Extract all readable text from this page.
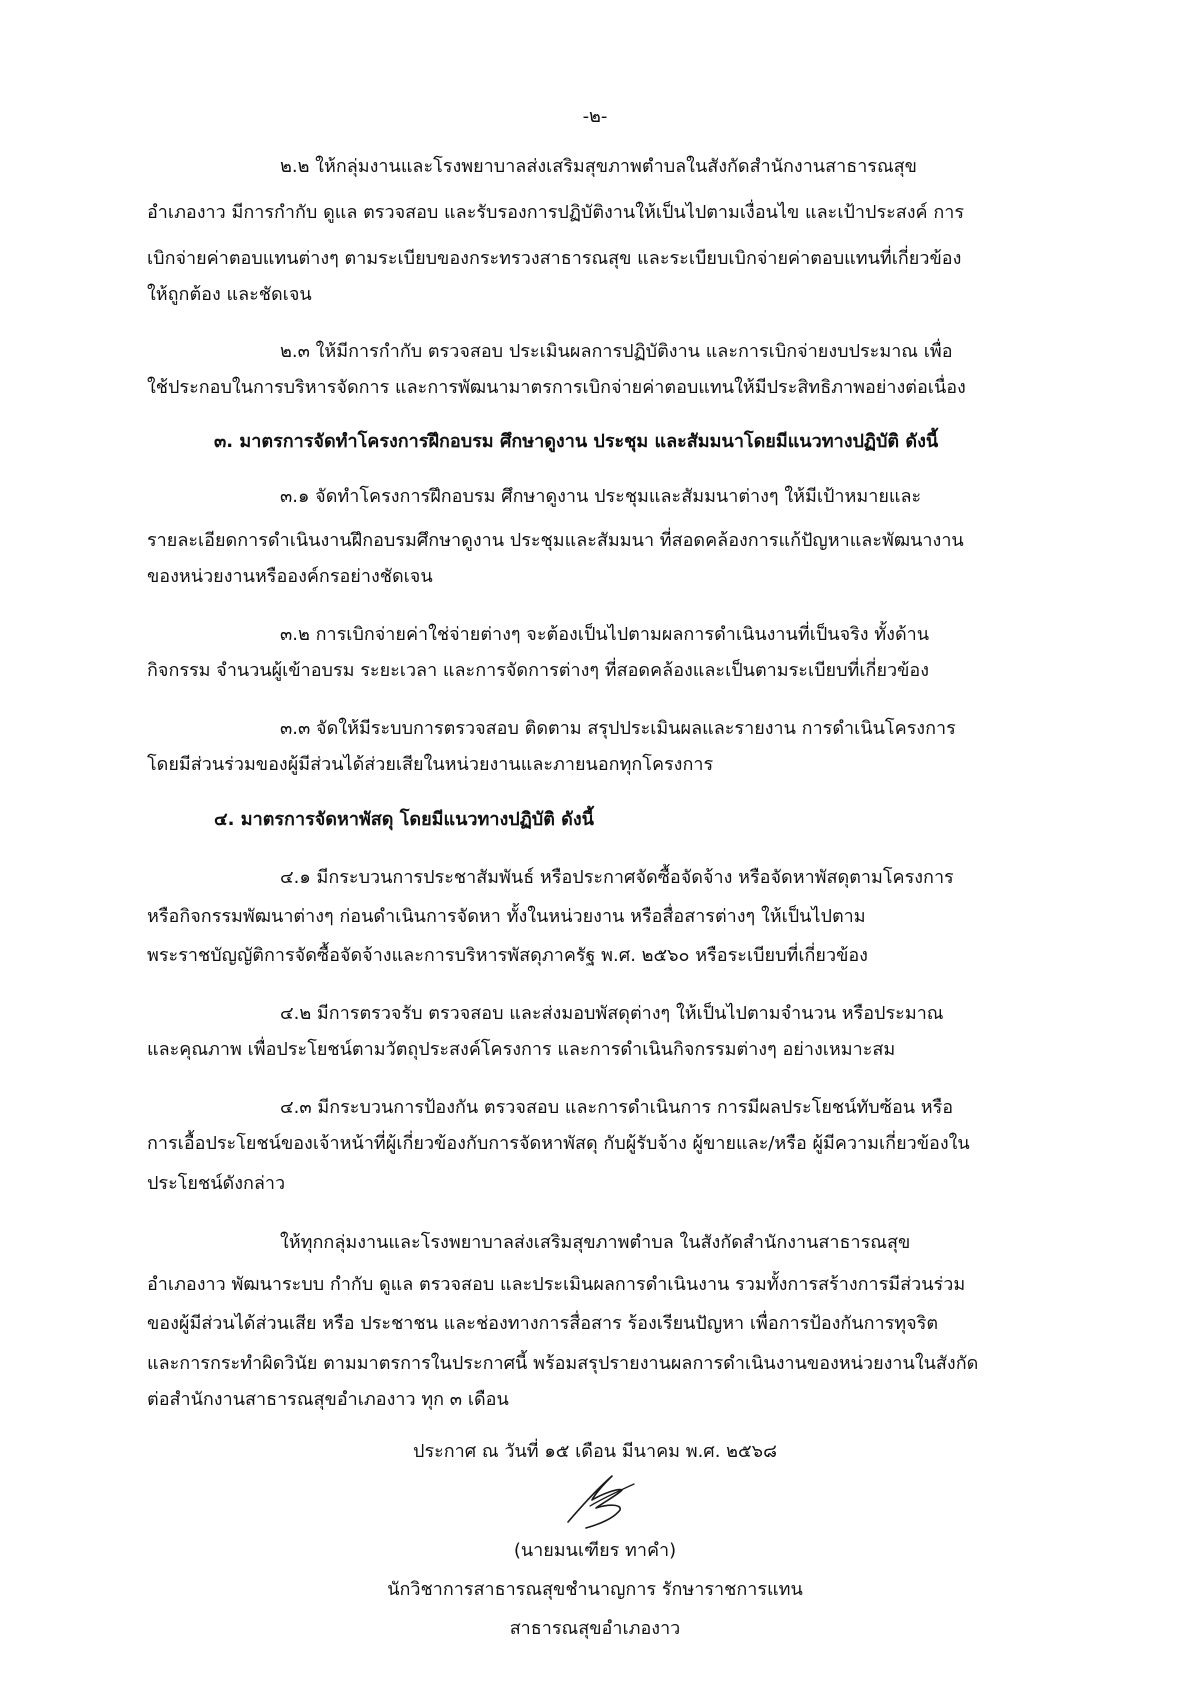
-๒-

๒.๒ ให้กลุ่มงานและโรงพยาบาลส่งเสริมสุขภาพตำบลในสังกัดสำนักงานสาธารณสุข

อำเภองาว มีการกำกับ ดูแล ตรวจสอบ และรับรองการปฏิบัติงานให้เป็นไปตามเงื่อนไข และเป้าประสงค์ การ

เบิกจ่ายค่าตอบแทนต่างๆ ตามระเบียบของกระทรวงสาธารณสุข และระเบียบเบิกจ่ายค่าตอบแทนที่เกี่ยวข้อง

ให้ถูกต้อง และชัดเจน

๒.๓ ให้มีการกำกับ ตรวจสอบ ประเมินผลการปฏิบัติงาน และการเบิกจ่ายงบประมาณ เพื่อ

ใช้ประกอบในการบริหารจัดการ และการพัฒนามาตรการเบิกจ่ายค่าตอบแทนให้มีประสิทธิภาพอย่างต่อเนื่อง

๓. มาตรการจัดทำโครงการฝึกอบรม ศึกษาดูงาน ประชุม และสัมมนาโดยมีแนวทางปฏิบัติ ดังนี้

๓.๑ จัดทำโครงการฝึกอบรม ศึกษาดูงาน ประชุมและสัมมนาต่างๆ ให้มีเป้าหมายและ

รายละเอียดการดำเนินงานฝึกอบรมศึกษาดูงาน ประชุมและสัมมนา ที่สอดคล้องการแก้ปัญหาและพัฒนางาน

ของหน่วยงานหรือองค์กรอย่างชัดเจน

๓.๒ การเบิกจ่ายค่าใช่จ่ายต่างๆ จะต้องเป็นไปตามผลการดำเนินงานที่เป็นจริง ทั้งด้าน

กิจกรรม จำนวนผู้เข้าอบรม ระยะเวลา และการจัดการต่างๆ ที่สอดคล้องและเป็นตามระเบียบที่เกี่ยวข้อง

๓.๓ จัดให้มีระบบการตรวจสอบ ติดตาม สรุปประเมินผลและรายงาน การดำเนินโครงการ

โดยมีส่วนร่วมของผู้มีส่วนได้ส่วยเสียในหน่วยงานและภายนอกทุกโครงการ

๔. มาตรการจัดหาพัสดุ โดยมีแนวทางปฏิบัติ ดังนี้

๔.๑ มีกระบวนการประชาสัมพันธ์ หรือประกาศจัดซื้อจัดจ้าง หรือจัดหาพัสดุตามโครงการ

หรือกิจกรรมพัฒนาต่างๆ ก่อนดำเนินการจัดหา ทั้งในหน่วยงาน หรือสื่อสารต่างๆ ให้เป็นไปตาม

พระราชบัญญัติการจัดซื้อจัดจ้างและการบริหารพัสดุภาครัฐ พ.ศ. ๒๕๖๐ หรือระเบียบที่เกี่ยวข้อง

๔.๒ มีการตรวจรับ ตรวจสอบ และส่งมอบพัสดุต่างๆ ให้เป็นไปตามจำนวน หรือประมาณ

และคุณภาพ เพื่อประโยชน์ตามวัตถุประสงค์โครงการ และการดำเนินกิจกรรมต่างๆ อย่างเหมาะสม

๔.๓ มีกระบวนการป้องกัน ตรวจสอบ และการดำเนินการ การมีผลประโยชน์ทับซ้อน หรือ

การเอื้อประโยชน์ของเจ้าหน้าที่ผู้เกี่ยวข้องกับการจัดหาพัสดุ กับผู้รับจ้าง ผู้ขายและ/หรือ ผู้มีความเกี่ยวข้องใน

ประโยชน์ดังกล่าว

ให้ทุกกลุ่มงานและโรงพยาบาลส่งเสริมสุขภาพตำบล ในสังกัดสำนักงานสาธารณสุข

อำเภองาว พัฒนาระบบ กำกับ ดูแล ตรวจสอบ และประเมินผลการดำเนินงาน รวมทั้งการสร้างการมีส่วนร่วม

ของผู้มีส่วนได้ส่วนเสีย หรือ ประชาชน และช่องทางการสื่อสาร ร้องเรียนปัญหา เพื่อการป้องกันการทุจริต

และการกระทำผิดวินัย ตามมาตรการในประกาศนี้ พร้อมสรุปรายงานผลการดำเนินงานของหน่วยงานในสังกัด

ต่อสำนักงานสาธารณสุขอำเภองาว ทุก ๓ เดือน

ประกาศ ณ วันที่ ๑๕ เดือน มีนาคม พ.ศ. ๒๕๖๘

(นายมนเฑียร ทาคำ)

นักวิชาการสาธารณสุขชำนาญการ รักษาราชการแทน

สาธารณสุขอำเภองาว
